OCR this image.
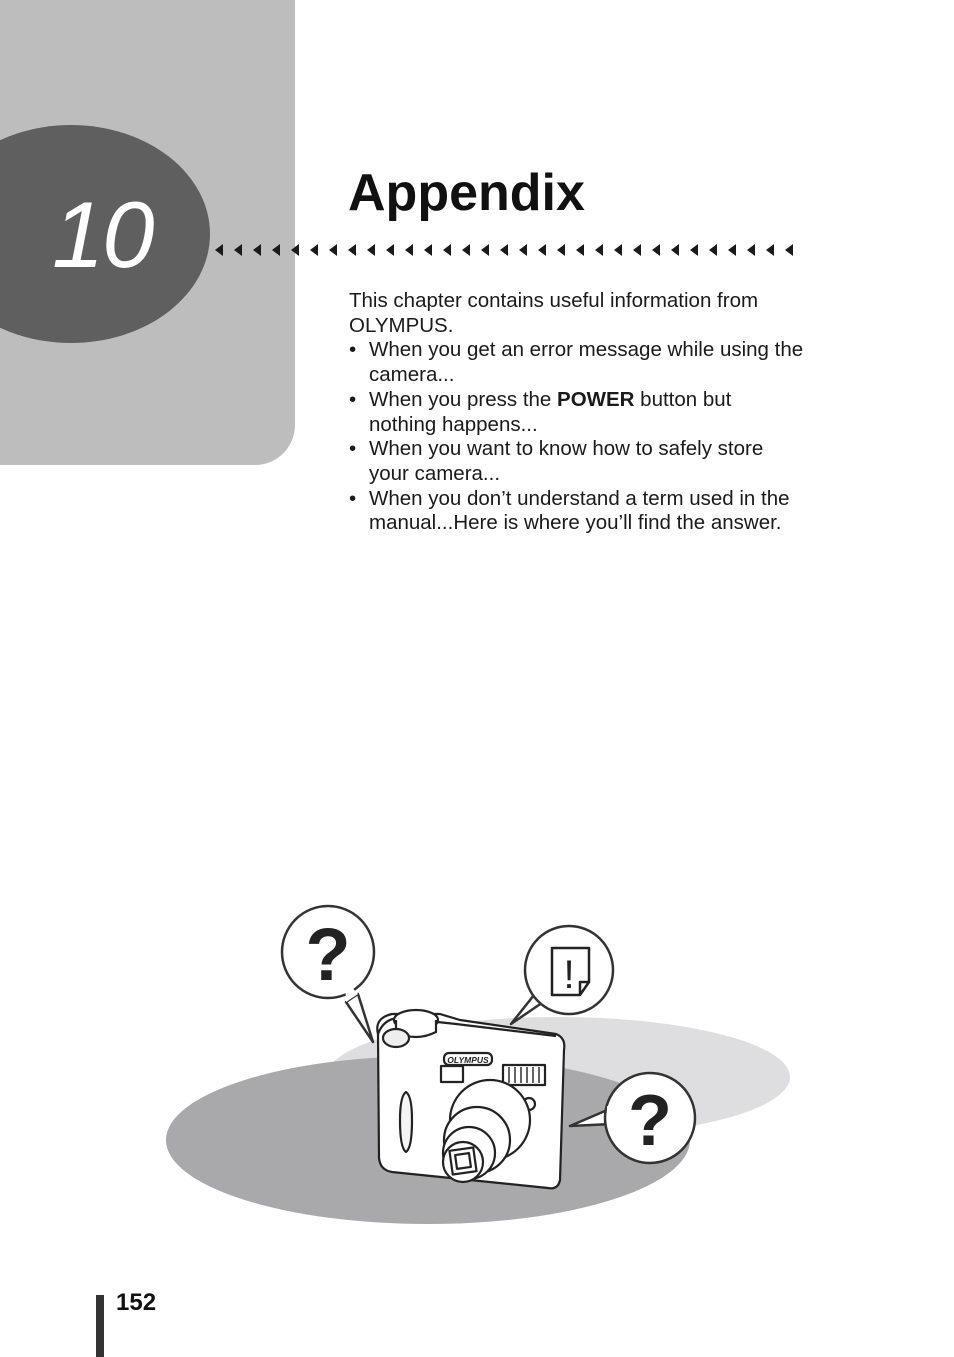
10	Appendix

This chapter contains useful information from OLYMPUS.

• When you get an error message while using the camera...
• When you press the POWER button but nothing happens...
• When you want to know how to safely store your camera...
• When you don’t understand a term used in the manual...Here is where you’ll find the answer.
?	!
?
OLYMPUS
152
